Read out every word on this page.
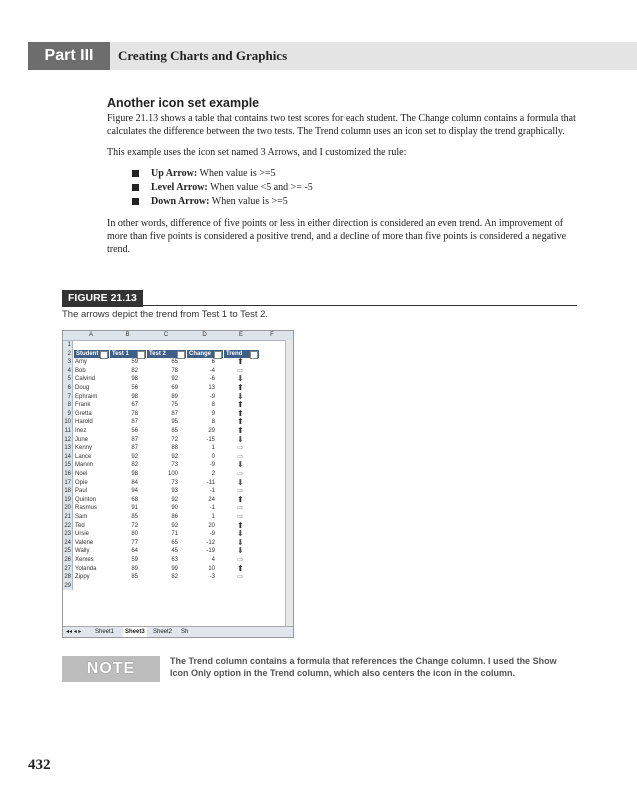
Part III	Creating Charts and Graphics
Another icon set example

Figure 21.13 shows a table that contains two test scores for each student. The Change column contains a formula that calculates the difference between the two tests. The Trend column uses an icon set to display the trend graphically.

This example uses the icon set named 3 Arrows, and I customized the rule:

Up Arrow: When value is >=5
Level Arrow: When value <5 and >= -5
Down Arrow: When value is >=5

In other words, difference of five points or less in either direction is considered an even trend. An improvement of more than five points is considered a positive trend, and a decline of more than five points is considered a negative trend.

FIGURE 21.13
The arrows depict the trend from Test 1 to Test 2.
A	B	C	D	E	F
◂◂ ◂ ▸ Sheet1	Sheet3	Sheet2 Sh
1
2 Student	Test 1	Test 2	Change	Trend
3 Amy	59	65	6	⬆
4 Bob	82	78	-4	⇨
5 Calvind	98	92	-6	⬇
6 Doug	56	69	13	⬆
7 Ephraim	98	89	-9	⬇
8 Frank	67	75	8	⬆
9 Gretta	78	87	9	⬆
10 Harold	87	95	8	⬆
11 Inez	56	85	29	⬆
12 June	87	72	-15	⬇
13 Kenny	87	88	1	⇨
14 Lance	92	92	0	⇨
15 Marvin	82	73	-9	⬇
16 Noel	98	100	2	⇨
17 Opie	84	73	-11	⬇
18 Paul	94	93	-1	⇨
19 Quinton	68	92	24	⬆
20 Rasmus	91	90	-1	⇨
21 Sam	85	86	1	⇨
22 Ted	72	92	20	⬆
23 Ursie	80	71	-9	⬇
24 Valerie	77	65	-12	⬇
25 Wally	64	45	-19	⬇
26 Xerxes	59	63	4	⇨
27 Yolanda	89	99	10	⬆
28 Zippy	85	82	-3	⇨
29
NOTE	The Trend column contains a formula that references the Change column. I used the Show Icon Only option in the Trend column, which also centers the icon in the column.
432
